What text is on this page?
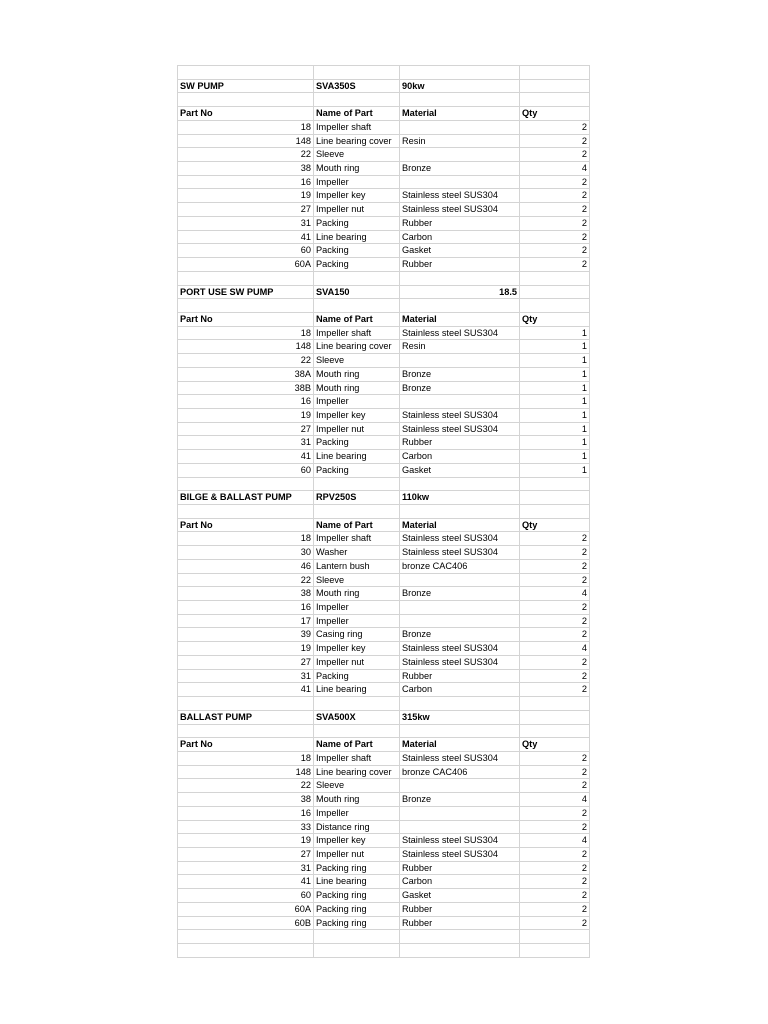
SW PUMP	SVA350S	90kw	

Part No	Name of Part	Material	Qty
18	Impeller shaft		2
148	Line bearing cover	Resin	2
22	Sleeve		2
38	Mouth ring	Bronze	4
16	Impeller		2
19	Impeller key	Stainless steel SUS304	2
27	Impeller nut	Stainless steel SUS304	2
31	Packing	Rubber	2
41	Line bearing	Carbon	2
60	Packing	Gasket	2
60A	Packing	Rubber	2

PORT USE SW PUMP	SVA150	18.5	

Part No	Name of Part	Material	Qty
18	Impeller shaft	Stainless steel SUS304	1
148	Line bearing cover	Resin	1
22	Sleeve		1
38A	Mouth ring	Bronze	1
38B	Mouth ring	Bronze	1
16	Impeller		1
19	Impeller key	Stainless steel SUS304	1
27	Impeller nut	Stainless steel SUS304	1
31	Packing	Rubber	1
41	Line bearing	Carbon	1
60	Packing	Gasket	1

BILGE & BALLAST PUMP	RPV250S	110kw	

Part No	Name of Part	Material	Qty
18	Impeller shaft	Stainless steel SUS304	2
30	Washer	Stainless steel SUS304	2
46	Lantern bush	bronze CAC406	2
22	Sleeve		2
38	Mouth ring	Bronze	4
16	Impeller		2
17	Impeller		2
39	Casing ring	Bronze	2
19	Impeller key	Stainless steel SUS304	4
27	Impeller nut	Stainless steel SUS304	2
31	Packing	Rubber	2
41	Line bearing	Carbon	2

BALLAST PUMP	SVA500X	315kw	

Part No	Name of Part	Material	Qty
18	Impeller shaft	Stainless steel SUS304	2
148	Line bearing cover	bronze CAC406	2
22	Sleeve		2
38	Mouth ring	Bronze	4
16	Impeller		2
33	Distance ring		2
19	Impeller key	Stainless steel SUS304	4
27	Impeller nut	Stainless steel SUS304	2
31	Packing ring	Rubber	2
41	Line bearing	Carbon	2
60	Packing ring	Gasket	2
60A	Packing ring	Rubber	2
60B	Packing ring	Rubber	2
